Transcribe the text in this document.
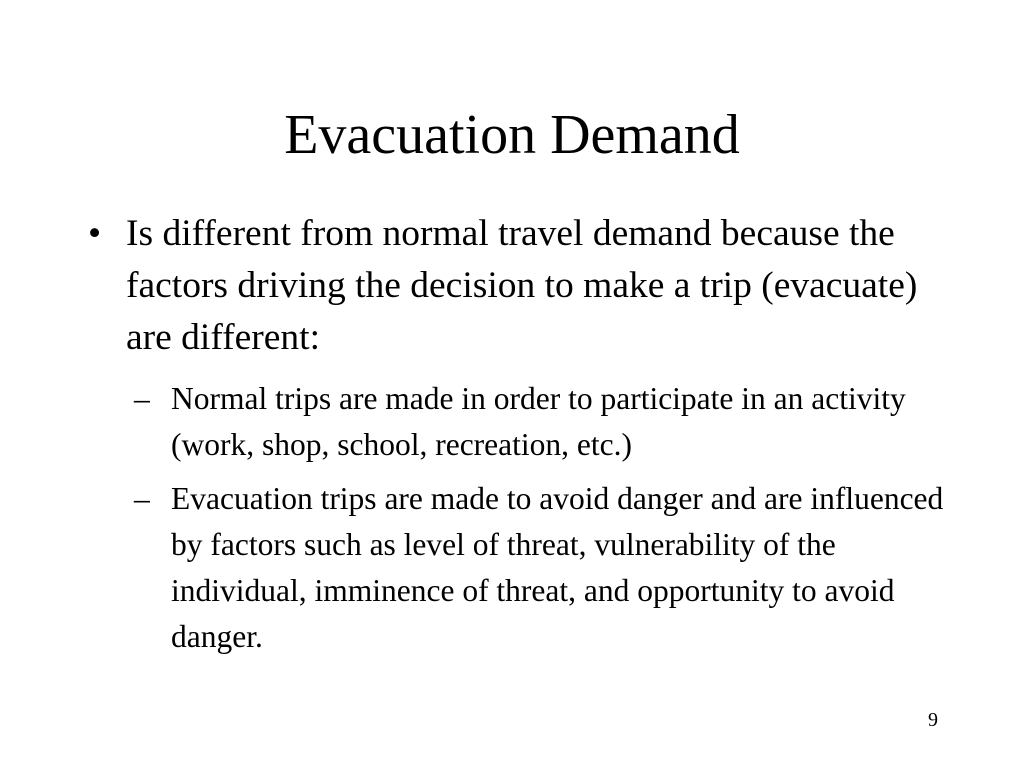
Evacuation Demand
• Is different from normal travel demand because the factors driving the decision to make a trip (evacuate) are different:
– Normal trips are made in order to participate in an activity (work, shop, school, recreation, etc.)
– Evacuation trips are made to avoid danger and are influenced by factors such as level of threat, vulnerability of the individual, imminence of threat, and opportunity to avoid danger.
9
